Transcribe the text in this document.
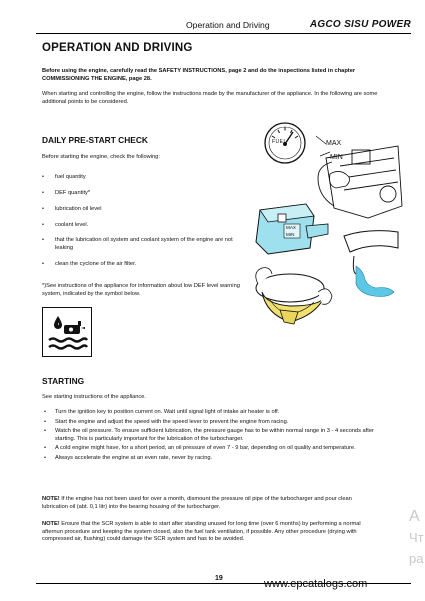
Operation and Driving	AGCO SISU POWER
OPERATION AND DRIVING
Before using the engine, carefully read the SAFETY INSTRUCTIONS, page 2 and do the inspections listed in chapter COMMISSIONING THE ENGINE, page 28.
When starting and controlling the engine, follow the instructions made by the manufacturer of the appliance. In the following are some additional points to be considered.
DAILY PRE-START CHECK
Before starting the engine, check the following:
• fuel quantity
• DEF quantity*
• lubrication oil level
• coolant level.
• that the lubrication oil system and coolant system of the engine are not leaking
• clean the cyclone of the air filter.
*)See instructions of the appliance for information about low DEF level warning system, indicated by the symbol below.
FUEL	MAX
MIN
MAX
MIN
STARTING
See starting instructions of the appliance.
• Turn the ignition key to position current on. Wait until signal light of intake air heater is off.
• Start the engine and adjust the speed with the speed lever to prevent the engine from racing.
• Watch the oil pressure. To ensure sufficient lubrication, the pressure gauge has to be within normal range in 3 - 4 seconds after starting. This is particularly important for the lubrication of the turbocharger.
• A cold engine might have, for a short period, an oil pressure of even 7 - 9 bar, depending on oil quality and temperature.
• Always accelerate the engine at an even rate, never by racing.
NOTE! If the engine has not been used for over a month, dismount the pressure oil pipe of the turbocharger and pour clean lubrication oil (abt. 0,1 litr) into the bearing housing of the turbocharger.
NOTE! Ensure that the SCR system is able to start after standing unused for long time (over 6 months) by performing a normal afternun procedure and keeping the system closed, also the fuel tank ventilation, if possible. Any other procedure (drying with compressed air, flushing) could damage the SCR system and has to be avoided.
19	www.epcatalogs.com
А
Чт
ра
